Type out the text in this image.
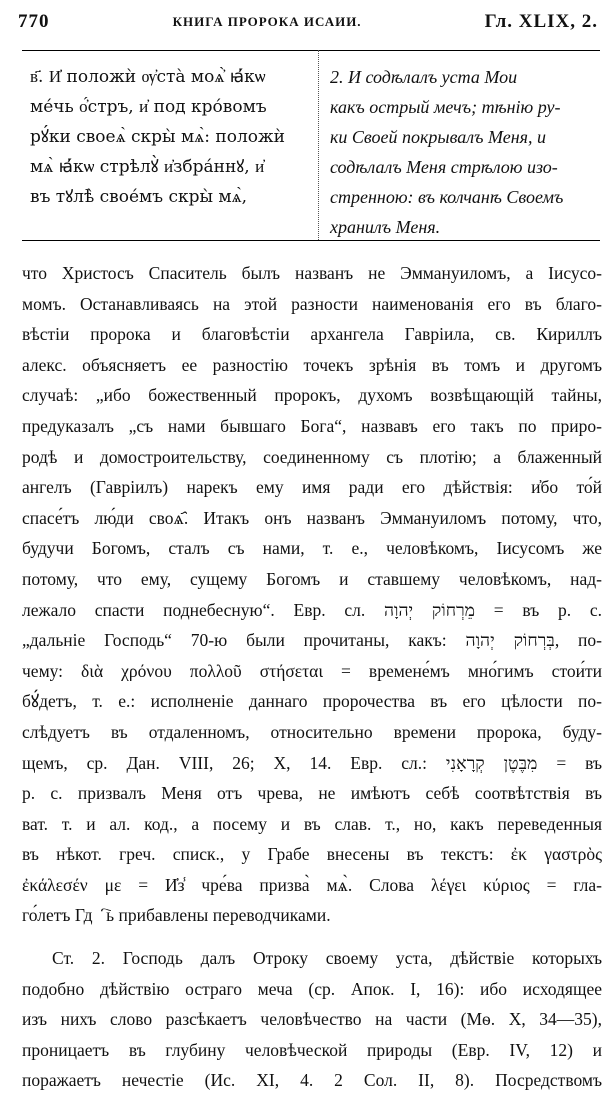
770	КНИГА ПРОРОКА ИСАИИ.	Гл. XLIX, 2.
в҃. И҆ положѝ ѹ҆ста̀ моѧ҆̀ ꙗ҆́кѡ
ме́чь о҆́стръ, и҆ под кро́вомъ
рꙋ́ки своеѧ̀ скры̀ мѧ̀: положѝ
мѧ̀ ꙗ҆́кѡ стрѣлꙋ̀ и҆збра́ннꙋ, и҆
въ тꙋлѣ̀ свое́мъ скры̀ мѧ̀,
2. И содѣлалъ уста Мои
какъ острый мечъ; тѣнію ру-
ки Своей покрывалъ Меня, и
содѣлалъ Меня стрѣлою изо-
стренною: въ колчанѣ Своемъ
хранилъ Меня.
что Христосъ Спаситель былъ названъ не Эммануиломъ, а Іисусо-
момъ. Останавливаясь на этой разности наименованія его въ благо-
вѣстіи пророка и благовѣстіи архангела Гавріила, св. Кириллъ
алекс. объясняетъ ее разностію точекъ зрѣнія въ томъ и другомъ
случаѣ: „ибо божественный пророкъ, духомъ возвѣщающій тайны,
предуказалъ „съ нами бывшаго Бога“, назвавъ его такъ по приро-
родѣ и домостроительству, соединенному съ плотію; а блаженный
ангелъ (Гавріилъ) нарекъ ему имя ради его дѣйствія: и҆бо то́й
спасе́тъ лю́ди своѧ҄. Итакъ онъ названъ Эммануиломъ потому, что,
будучи Богомъ, сталъ съ нами, т. е., человѣкомъ, Іисусомъ же
потому, что ему, сущему Богомъ и ставшему человѣкомъ, над-
лежало спасти поднебесную“. Евр. сл. מֵרְחוֹק יְהוָה = въ р. с.
„дальніе Господь“ 70-ю были прочитаны, какъ: בְּרְחוֹק יְהוָה, по-
чему: διὰ χρόνου πολλοῦ στήσεται = времене́мъ мно́гимъ стои́ти
бꙋ́детъ, т. е.: исполненіе даннаго пророчества въ его цѣлости по-
слѣдуетъ въ отдаленномъ, относительно времени пророка, буду-
щемъ, ср. Дан. VIII, 26; X, 14. Евр. сл.: מִבֶּטֶן קְרָאָנִי = въ
р. с. призвалъ Меня отъ чрева, не имѣютъ себѣ соотвѣтствія въ
ват. т. и ал. код., а посему и въ слав. т., но, какъ переведенныя
въ нѣкот. греч. списк., у Грабе внесены въ текстъ: ἐκ γαστρὸς
ἐκάλεσέν με = И҆з̾ чре́ва призва̀ мѧ̀. Слова λέγει κύριος = гла-
го́летъ Гдⷭ҇ь прибавлены переводчиками.
Ст. 2. Господь далъ Отроку своему уста, дѣйствіе которыхъ
подобно дѣйствію остраго меча (ср. Апок. I, 16): ибо исходящее
изъ нихъ слово разсѣкаетъ человѣчество на части (Мѳ. X, 34—35),
проницаетъ въ глубину человѣческой природы (Евр. IV, 12) и
поражаетъ нечестіе (Ис. XI, 4. 2 Сол. II, 8). Посредствомъ
